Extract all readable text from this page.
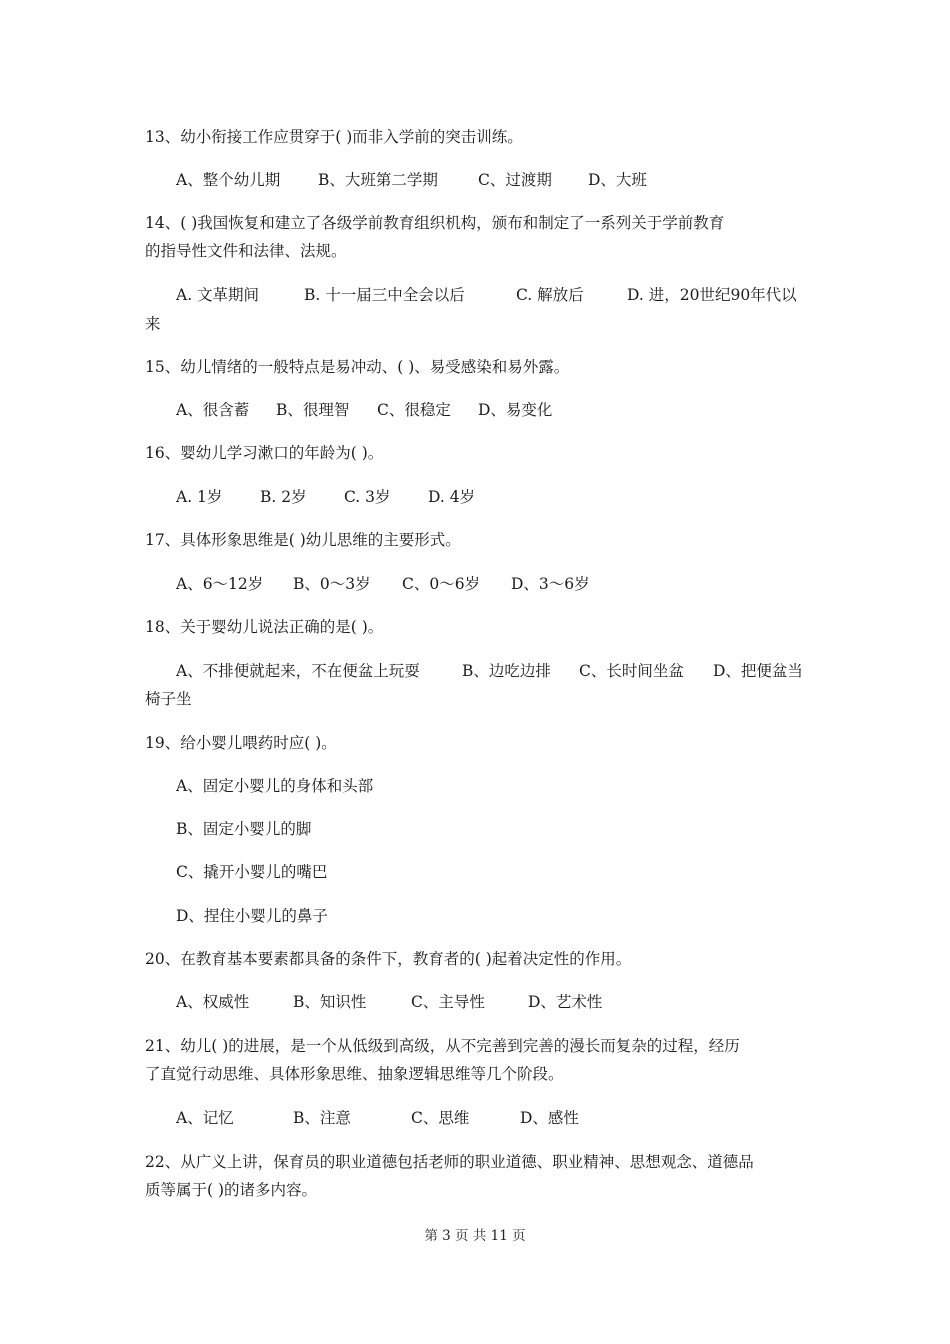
13、幼小衔接工作应贯穿于( )而非入学前的突击训练。
A、整个幼儿期 B、大班第二学期	C、过渡期 D、大班
14、( )我国恢复和建立了各级学前教育组织机构，颁布和制定了一系列关于学前教育
的指导性文件和法律、法规。
A. 文革期间	B. 十一届三中全会以后	C. 解放后	D. 进，20世纪90年代以
来
15、幼儿情绪的一般特点是易冲动、( )、易受感染和易外露。
A、很含蓄 B、很理智 C、很稳定 D、易变化
16、婴幼儿学习漱口的年龄为( )。
A. 1岁 B. 2岁 C. 3岁 D. 4岁
17、具体形象思维是( )幼儿思维的主要形式。
A、6～12岁 B、0～3岁 C、0～6岁 D、3～6岁
18、关于婴幼儿说法正确的是( )。
A、不排便就起来，不在便盆上玩耍	B、边吃边排 C、长时间坐盆 D、把便盆当
椅子坐
19、给小婴儿喂药时应( )。
A、固定小婴儿的身体和头部
B、固定小婴儿的脚
C、撬开小婴儿的嘴巴
D、捏住小婴儿的鼻子
20、在教育基本要素都具备的条件下，教育者的( )起着决定性的作用。
A、权威性	B、知识性	C、主导性	D、艺术性
21、幼儿( )的进展，是一个从低级到高级，从不完善到完善的漫长而复杂的过程，经历
了直觉行动思维、具体形象思维、抽象逻辑思维等几个阶段。
A、记忆	B、注意	C、思维	D、感性
22、从广义上讲，保育员的职业道德包括老师的职业道德、职业精神、思想观念、道德品
质等属于( )的诸多内容。
第 3 页 共 11 页
